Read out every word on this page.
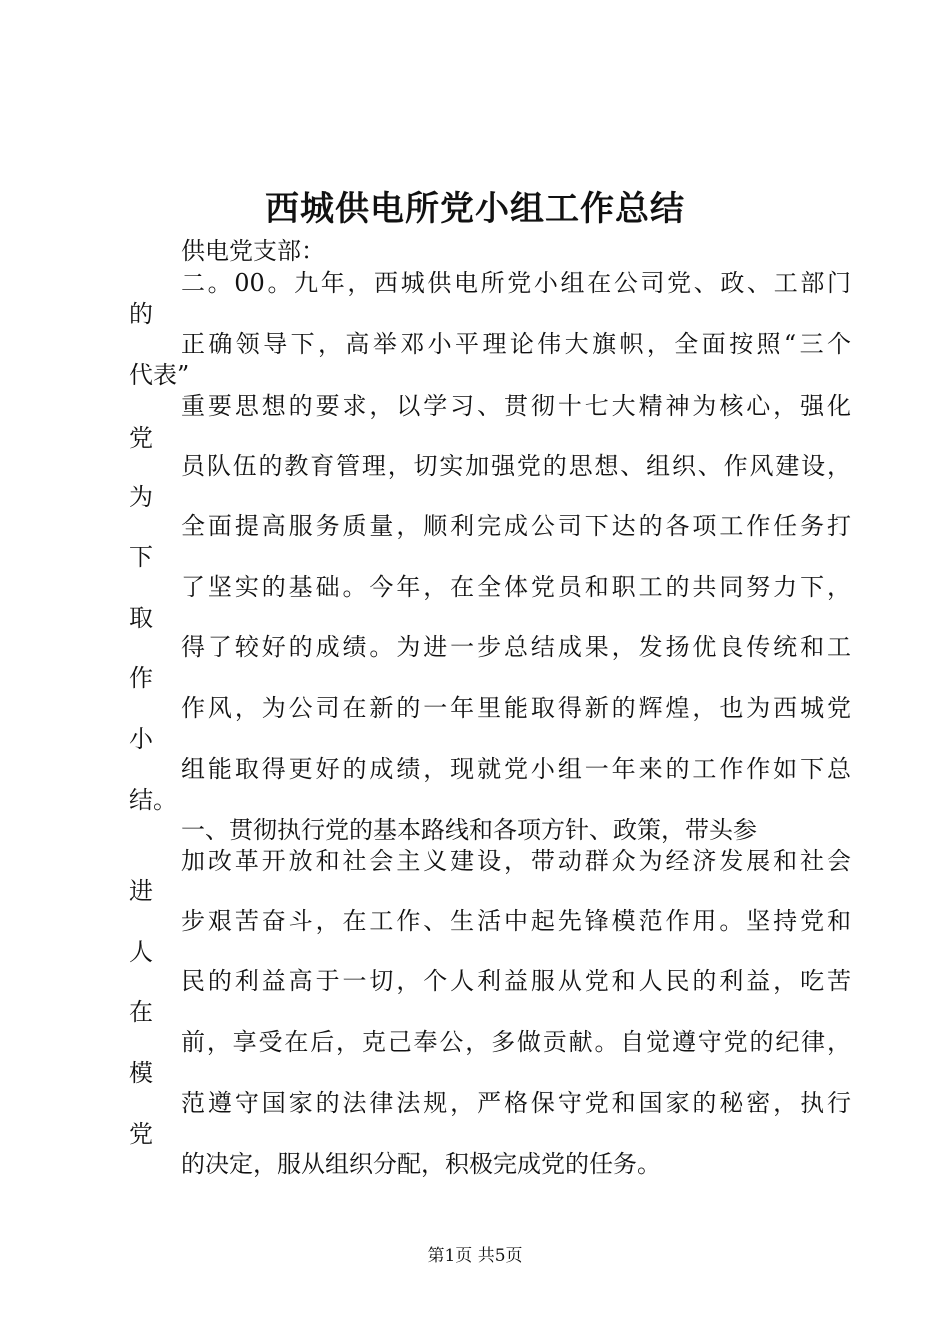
西城供电所党小组工作总结
供电党支部：
二。00。九年，西城供电所党小组在公司党、政、工部门
的
正确领导下，高举邓小平理论伟大旗帜，全面按照“三个
代表”
重要思想的要求，以学习、贯彻十七大精神为核心，强化
党
员队伍的教育管理，切实加强党的思想、组织、作风建设，
为
全面提高服务质量，顺利完成公司下达的各项工作任务打
下
了坚实的基础。今年，在全体党员和职工的共同努力下，
取
得了较好的成绩。为进一步总结成果，发扬优良传统和工
作
作风，为公司在新的一年里能取得新的辉煌，也为西城党
小
组能取得更好的成绩，现就党小组一年来的工作作如下总
结。
一、贯彻执行党的基本路线和各项方针、政策，带头参
加改革开放和社会主义建设，带动群众为经济发展和社会
进
步艰苦奋斗，在工作、生活中起先锋模范作用。坚持党和
人
民的利益高于一切，个人利益服从党和人民的利益，吃苦
在
前，享受在后，克己奉公，多做贡献。自觉遵守党的纪律，
模
范遵守国家的法律法规，严格保守党和国家的秘密，执行
党
的决定，服从组织分配，积极完成党的任务。
第1页 共5页
